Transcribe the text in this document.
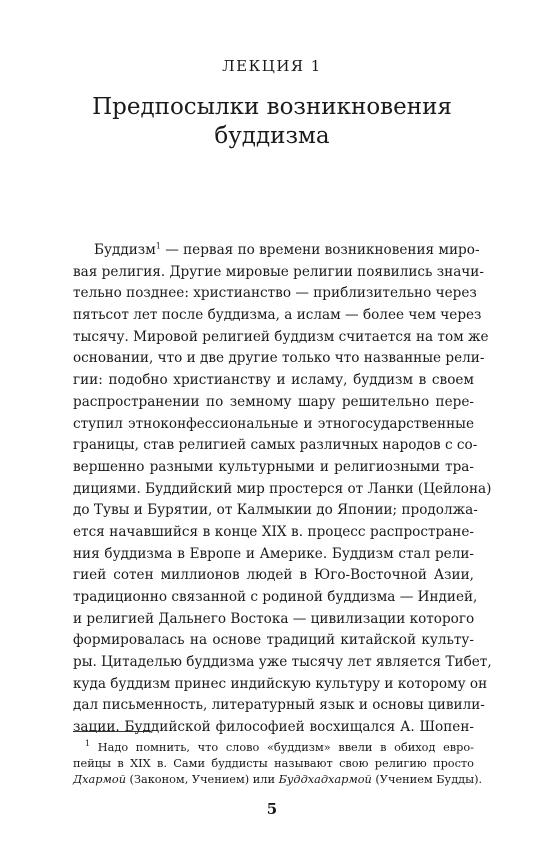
ЛЕКЦИЯ 1
Предпосылки возникновения
буддизма
Буддизм$^1$ — первая по времени возникновения миро-
вая религия. Другие мировые религии появились значи-
тельно позднее: христианство — приблизительно через
пятьсот лет после буддизма, а ислам — более чем через
тысячу. Мировой религией буддизм считается на том же
основании, что и две другие только что названные рели-
гии: подобно христианству и исламу, буддизм в своем
распространении по земному шару решительно пере-
ступил этноконфессиональные и этногосударственные
границы, став религией самых различных народов с со-
вершенно разными культурными и религиозными тра-
дициями. Буддийский мир простерся от Ланки (Цейлона)
до Тувы и Бурятии, от Калмыкии до Японии; продолжа-
ется начавшийся в конце XIX в. процесс распростране-
ния буддизма в Европе и Америке. Буддизм стал рели-
гией сотен миллионов людей в Юго-Восточной Азии,
традиционно связанной с родиной буддизма — Индией,
и религией Дальнего Востока — цивилизации которого
формировалась на основе традиций китайской культу-
ры. Цитаделью буддизма уже тысячу лет является Тибет,
куда буддизм принес индийскую культуру и которому он
дал письменность, литературный язык и основы цивили-
зации. Буддийской философией восхищался А. Шопен-
$^1$ Надо помнить, что слово «буддизм» ввели в обиход евро-
пейцы в XIX в. Сами буддисты называют свою религию просто
Дхармой (Законом, Учением) или Буддхадхармой (Учением Будды).
5
